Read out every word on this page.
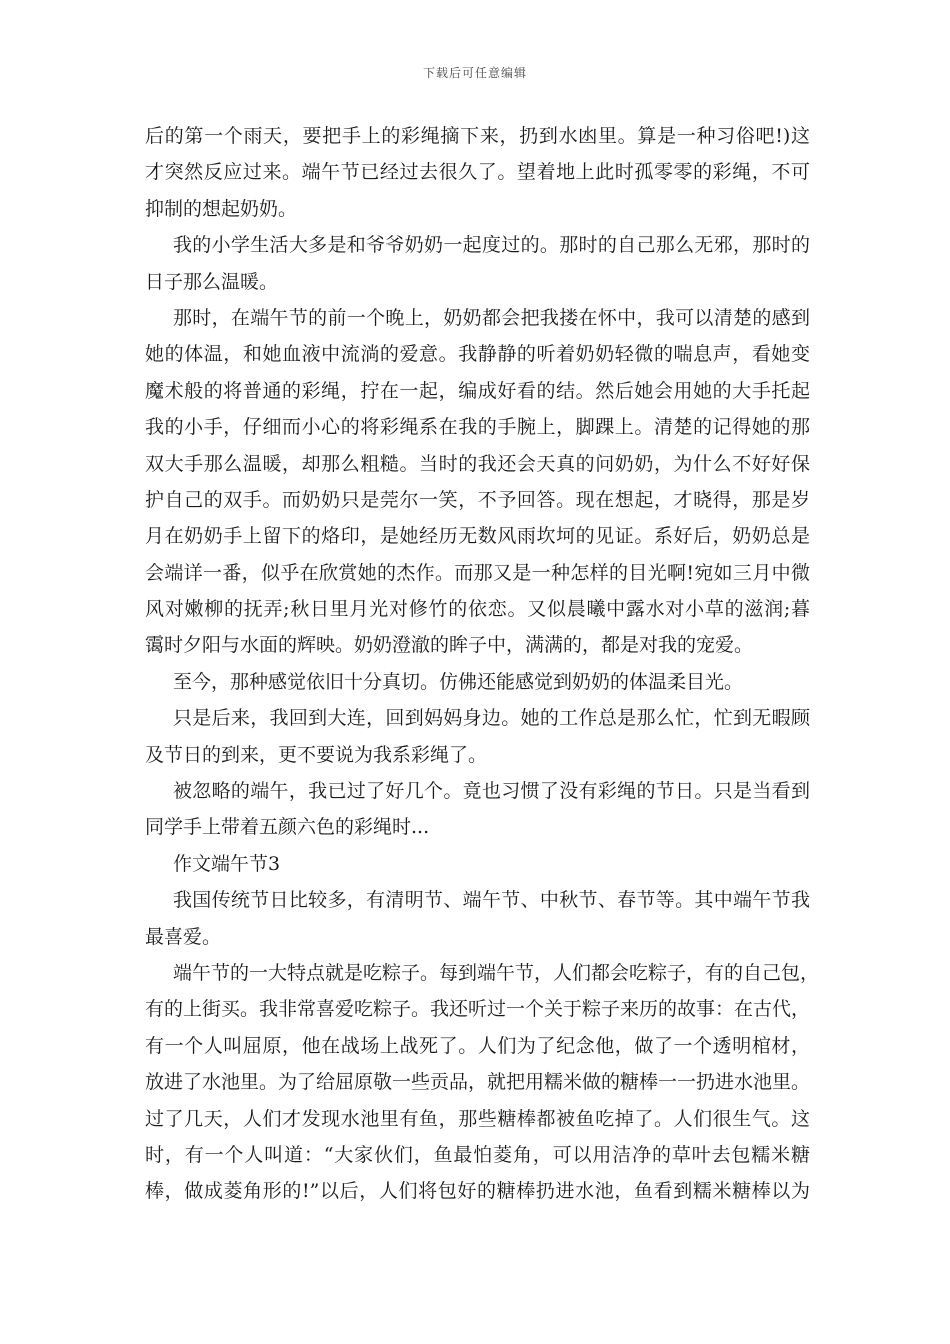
下载后可任意编辑
后的第一个雨天，要把手上的彩绳摘下来，扔到水凼里。算是一种习俗吧!)这
才突然反应过来。端午节已经过去很久了。望着地上此时孤零零的彩绳，不可
抑制的想起奶奶。
我的小学生活大多是和爷爷奶奶一起度过的。那时的自己那么无邪，那时的
日子那么温暖。
那时，在端午节的前一个晚上，奶奶都会把我搂在怀中，我可以清楚的感到
她的体温，和她血液中流淌的爱意。我静静的听着奶奶轻微的喘息声，看她变
魔术般的将普通的彩绳，拧在一起，编成好看的结。然后她会用她的大手托起
我的小手，仔细而小心的将彩绳系在我的手腕上，脚踝上。清楚的记得她的那
双大手那么温暖，却那么粗糙。当时的我还会天真的问奶奶，为什么不好好保
护自己的双手。而奶奶只是莞尔一笑，不予回答。现在想起，才晓得，那是岁
月在奶奶手上留下的烙印，是她经历无数风雨坎坷的见证。系好后，奶奶总是
会端详一番，似乎在欣赏她的杰作。而那又是一种怎样的目光啊!宛如三月中微
风对嫩柳的抚弄;秋日里月光对修竹的依恋。又似晨曦中露水对小草的滋润;暮
霭时夕阳与水面的辉映。奶奶澄澈的眸子中，满满的，都是对我的宠爱。
至今，那种感觉依旧十分真切。仿佛还能感觉到奶奶的体温柔目光。
只是后来，我回到大连，回到妈妈身边。她的工作总是那么忙，忙到无暇顾
及节日的到来，更不要说为我系彩绳了。
被忽略的端午，我已过了好几个。竟也习惯了没有彩绳的节日。只是当看到
同学手上带着五颜六色的彩绳时...
作文端午节3
我国传统节日比较多，有清明节、端午节、中秋节、春节等。其中端午节我
最喜爱。
端午节的一大特点就是吃粽子。每到端午节，人们都会吃粽子，有的自己包，
有的上街买。我非常喜爱吃粽子。我还听过一个关于粽子来历的故事：在古代，
有一个人叫屈原，他在战场上战死了。人们为了纪念他，做了一个透明棺材，
放进了水池里。为了给屈原敬一些贡品，就把用糯米做的糖棒一一扔进水池里。
过了几天，人们才发现水池里有鱼，那些糖棒都被鱼吃掉了。人们很生气。这
时，有一个人叫道：“大家伙们，鱼最怕菱角，可以用洁净的草叶去包糯米糖
棒，做成菱角形的!”以后，人们将包好的糖棒扔进水池，鱼看到糯米糖棒以为
